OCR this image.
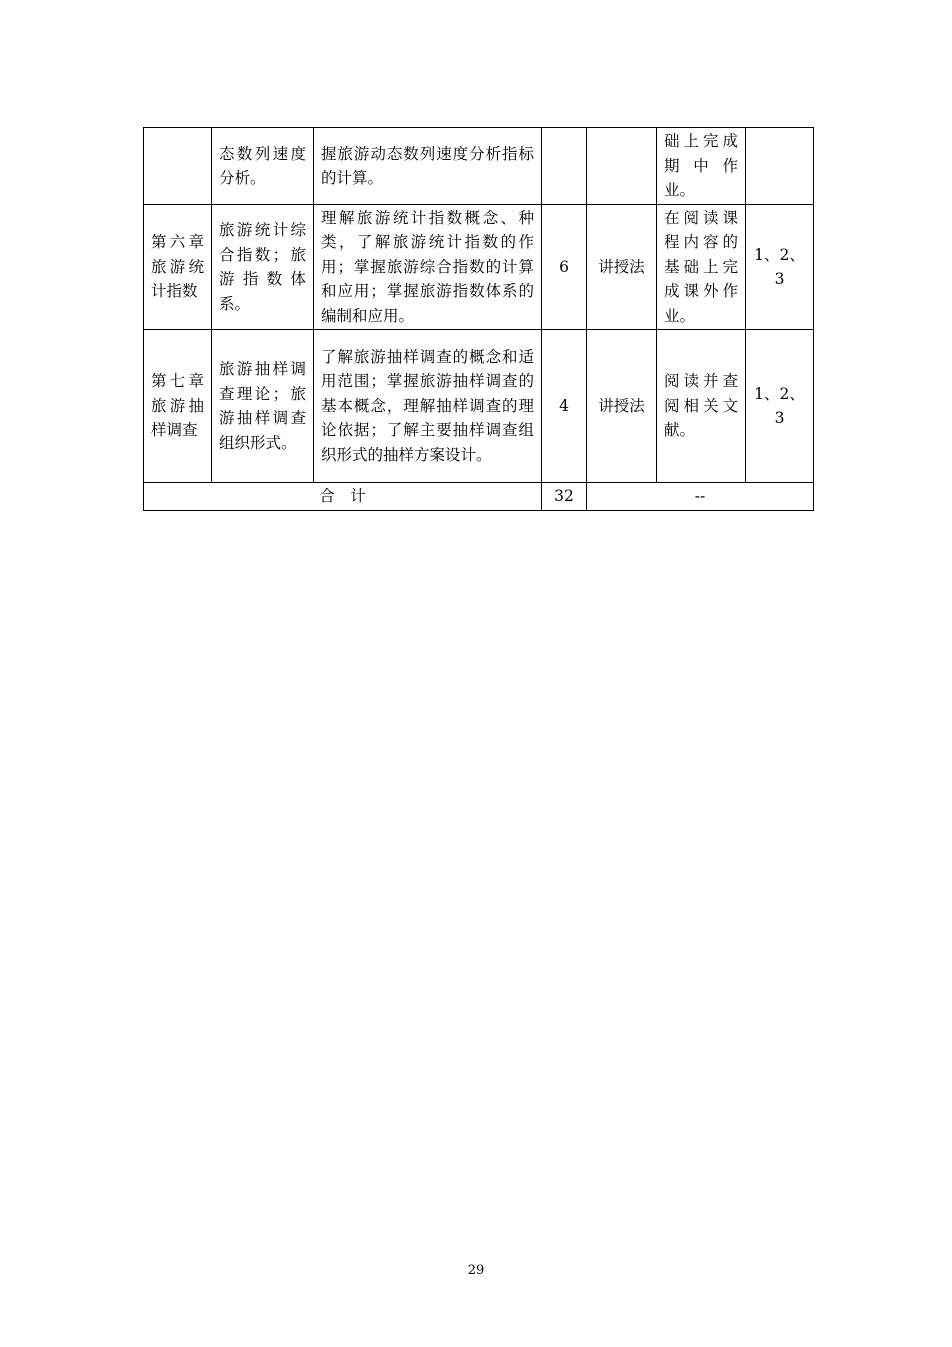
	态数列速度分析。	握旅游动态数列速度分析指标的计算。			础上完成期中作业。	
第六章旅游统计指数	旅游统计综合指数；旅游指数体系。	理解旅游统计指数概念、种类，了解旅游统计指数的作用；掌握旅游综合指数的计算和应用；掌握旅游指数体系的编制和应用。	6	讲授法	在阅读课程内容的基础上完成课外作业。	1、2、3
第七章旅游抽样调查	旅游抽样调查理论；旅游抽样调查组织形式。	了解旅游抽样调查的概念和适用范围；掌握旅游抽样调查的基本概念，理解抽样调查的理论依据；了解主要抽样调查组织形式的抽样方案设计。	4	讲授法	阅读并查阅相关文献。	1、2、3
合　计			32	--		
29
